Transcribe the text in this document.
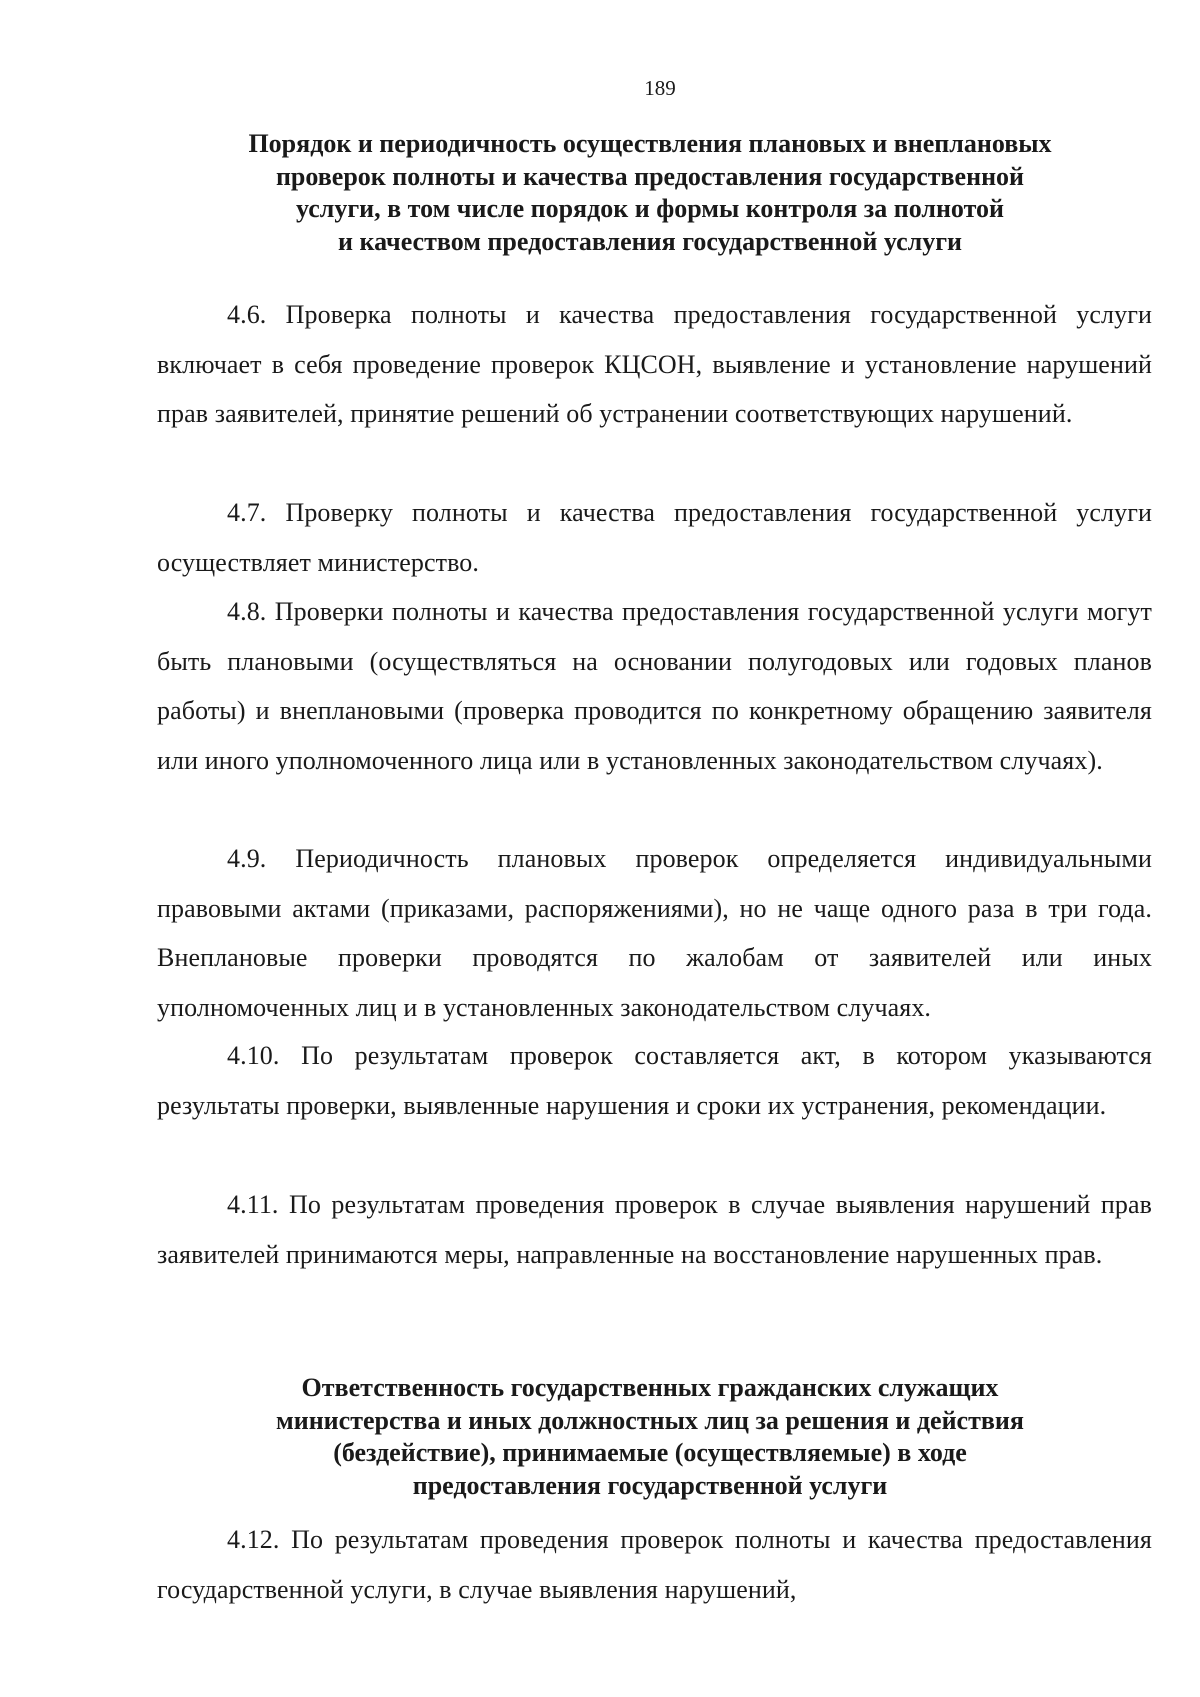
189
Порядок и периодичность осуществления плановых и внеплановых
проверок полноты и качества предоставления государственной
услуги, в том числе порядок и формы контроля за полнотой
и качеством предоставления государственной услуги

4.6. Проверка полноты и качества предоставления государственной услуги включает в себя проведение проверок КЦСОН, выявление и установление нарушений прав заявителей, принятие решений об устранении соответствующих нарушений.

4.7. Проверку полноты и качества предоставления государственной услуги осуществляет министерство.

4.8. Проверки полноты и качества предоставления государственной услуги могут быть плановыми (осуществляться на основании полугодовых или годовых планов работы) и внеплановыми (проверка проводится по конкретному обращению заявителя или иного уполномоченного лица или в установленных законодательством случаях).

4.9. Периодичность плановых проверок определяется индивидуальными правовыми актами (приказами, распоряжениями), но не чаще одного раза в три года. Внеплановые проверки проводятся по жалобам от заявителей или иных уполномоченных лиц и в установленных законодательством случаях.

4.10. По результатам проверок составляется акт, в котором указываются результаты проверки, выявленные нарушения и сроки их устранения, рекомендации.

4.11. По результатам проведения проверок в случае выявления нарушений прав заявителей принимаются меры, направленные на восстановление нарушенных прав.

Ответственность государственных гражданских служащих
министерства и иных должностных лиц за решения и действия
(бездействие), принимаемые (осуществляемые) в ходе
предоставления государственной услуги

4.12. По результатам проведения проверок полноты и качества предоставления государственной услуги, в случае выявления нарушений,
